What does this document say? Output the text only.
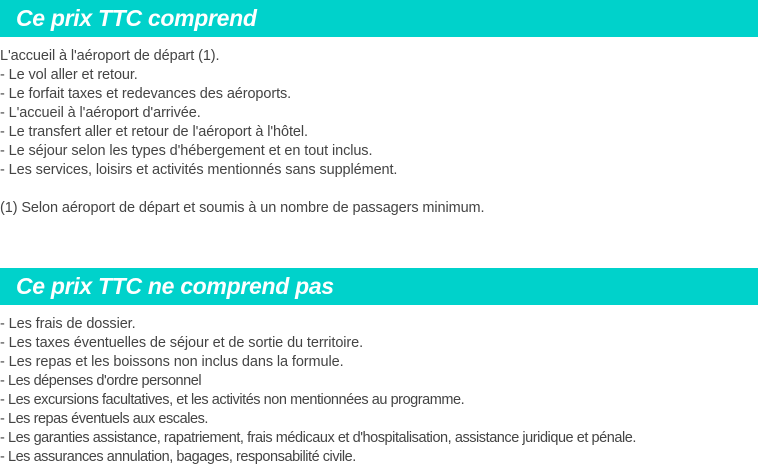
Ce prix TTC comprend
L'accueil à l'aéroport de départ (1).
- Le vol aller et retour.
- Le forfait taxes et redevances des aéroports.
- L'accueil à l'aéroport d'arrivée.
- Le transfert aller et retour de l'aéroport à l'hôtel.
- Le séjour selon les types d'hébergement et en tout inclus.
- Les services, loisirs et activités mentionnés sans supplément.
(1) Selon aéroport de départ et soumis à un nombre de passagers minimum.
Ce prix TTC ne comprend pas
- Les frais de dossier.
- Les taxes éventuelles de séjour et de sortie du territoire.
- Les repas et les boissons non inclus dans la formule.
- Les dépenses d'ordre personnel
- Les excursions facultatives, et les activités non mentionnées au programme.
- Les repas éventuels aux escales.
- Les garanties assistance, rapatriement, frais médicaux et d'hospitalisation, assistance juridique et pénale.
- Les assurances annulation, bagages, responsabilité civile.
